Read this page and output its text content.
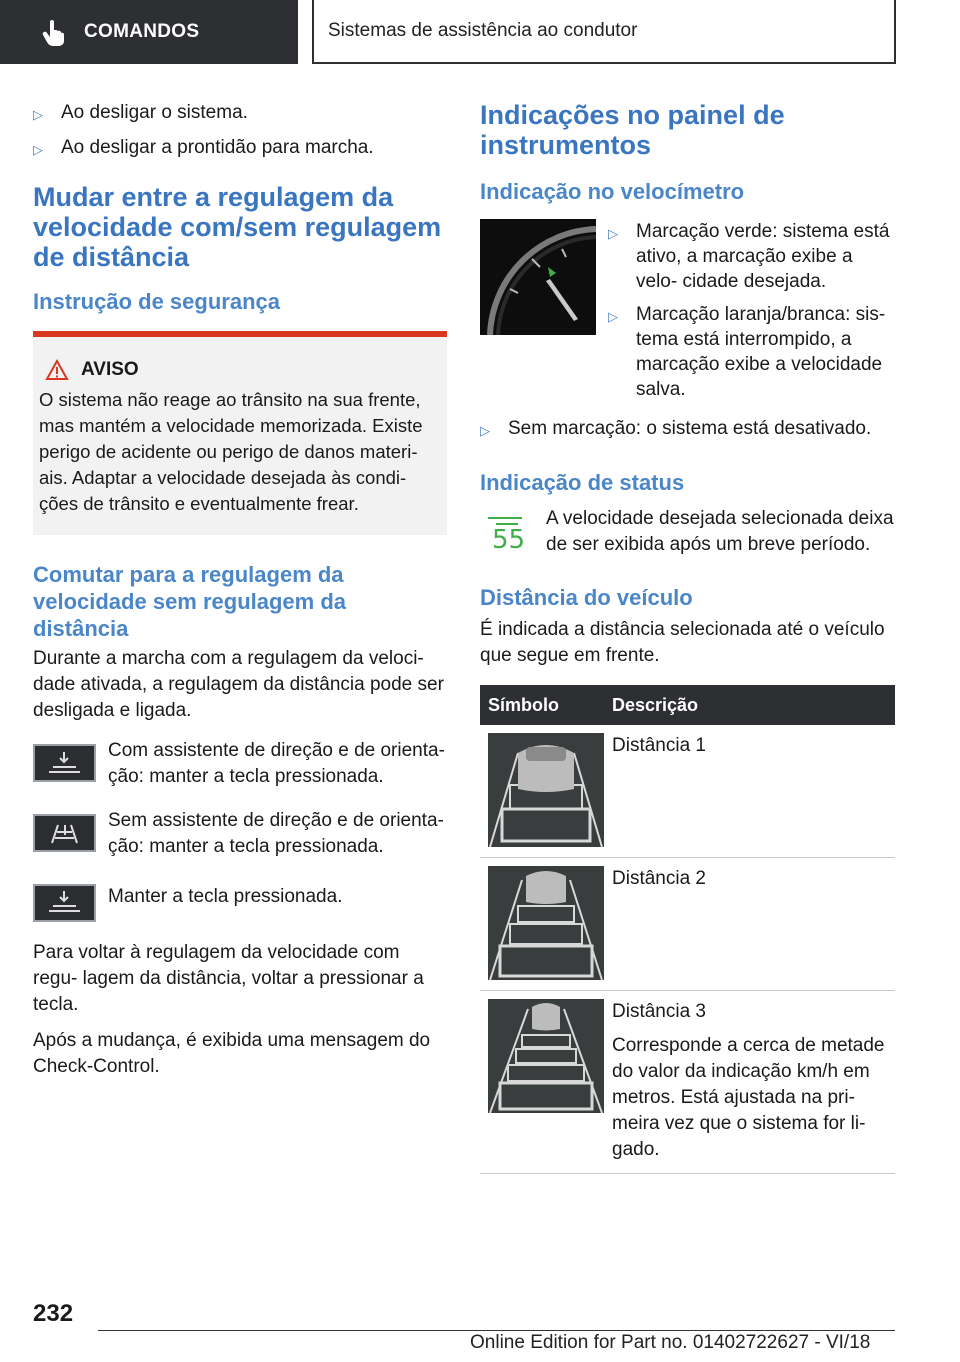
COMANDOS	Sistemas de assistência ao condutor
▷ Ao desligar o sistema.
▷ Ao desligar a prontidão para marcha.
Mudar entre a regulagem da velocidade com/sem regulagem de distância
Instrução de segurança
AVISO
O sistema não reage ao trânsito na sua frente, mas mantém a velocidade memorizada. Existe perigo de acidente ou perigo de danos materi- ais. Adaptar a velocidade desejada às condi- ções de trânsito e eventualmente frear.
Comutar para a regulagem da velocidade sem regulagem da distância

Durante a marcha com a regulagem da veloci- dade ativada, a regulagem da distância pode ser desligada e ligada.

Com assistente de direção e de orienta- ção: manter a tecla pressionada.
Sem assistente de direção e de orienta- ção: manter a tecla pressionada.
Manter a tecla pressionada.

Para voltar à regulagem da velocidade com regu- lagem da distância, voltar a pressionar a tecla.

Após a mudança, é exibida uma mensagem do Check-Control.

Indicações no painel de instrumentos
Indicação no velocímetro
▷ Marcação verde: sistema está ativo, a marcação exibe a velo- cidade desejada.
▷ Marcação laranja/branca: sis- tema está interrompido, a marcação exibe a velocidade salva.
▷ Sem marcação: o sistema está desativado.
Indicação de status
55

A velocidade desejada selecionada deixa de ser exibida após um breve período.

Distância do veículo

É indicada a distância selecionada até o veículo que segue em frente.

Símbolo	Descrição

	Distância 1

	Distância 2

Distância 3
Corresponde a cerca de metade do valor da indicação km/h em metros. Está ajustada na pri- meira vez que o sistema for li- gado.
232
Online Edition for Part no. 01402722627 - VI/18
